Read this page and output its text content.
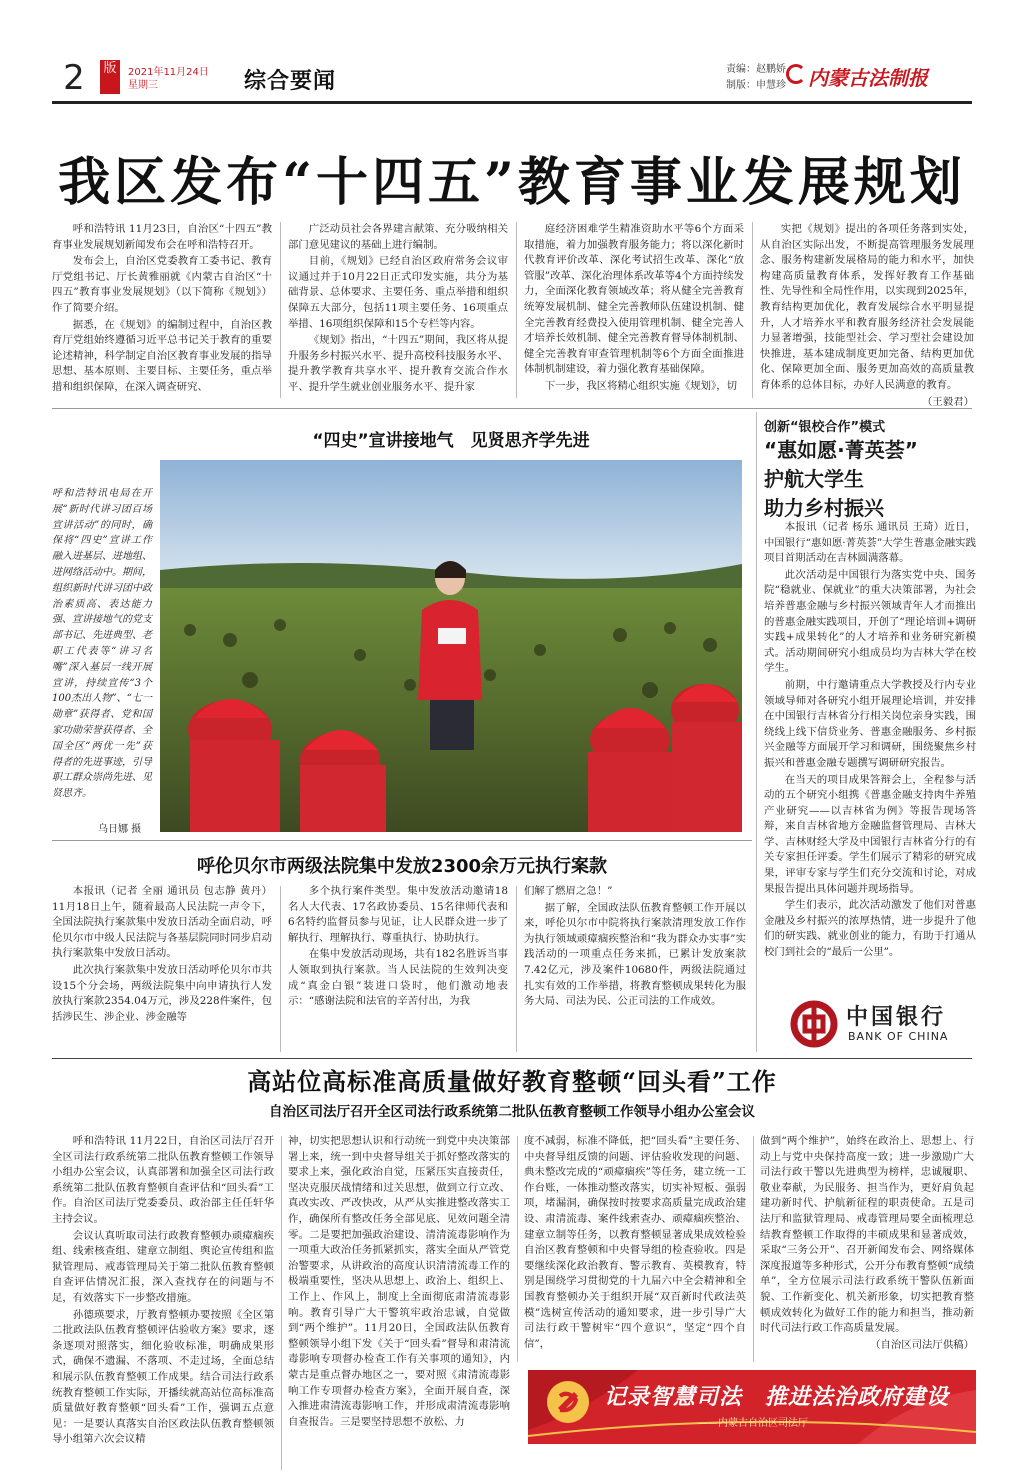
2	版	2021年11月24日
星期三	综合要闻	责编：赵鹏娇
制版：申慧珍 内蒙古法制报
我区发布“十四五”教育事业发展规划

呼和浩特讯 11月23日，自治区“十四五”教育事业发展规划新闻发布会在呼和浩特召开。

发布会上，自治区党委教育工委书记、教育厅党组书记、厅长黄雅丽就《内蒙古自治区“十四五”教育事业发展规划》（以下简称《规划》）作了简要介绍。

据悉，在《规划》的编制过程中，自治区教育厅党组始终遵循习近平总书记关于教育的重要论述精神，科学制定自治区教育事业发展的指导思想、基本原则、主要目标、主要任务，重点举措和组织保障，在深入调查研究、

广泛动员社会各界建言献策、充分吸纳相关部门意见建议的基础上进行编制。

目前，《规划》已经自治区政府常务会议审议通过并于10月22日正式印发实施，共分为基础背景、总体要求、主要任务、重点举措和组织保障五大部分，包括11项主要任务、16项重点举措、16项组织保障和15个专栏等内容。

《规划》指出，“十四五”期间，我区将从提升服务乡村振兴水平、提升高校科技服务水平、提升教学教育共享水平、提升教育交流合作水平、提升学生就业创业服务水平、提升家

庭经济困难学生精准资助水平等6个方面采取措施，着力加强教育服务能力；将以深化新时代教育评价改革、深化考试招生改革、深化“放管服”改革、深化治理体系改革等4个方面持续发力，全面深化教育领域改革；将从健全完善教育统筹发展机制、健全完善教师队伍建设机制、健全完善教育经费投入使用管理机制、健全完善人才培养长效机制、健全完善教育督导体制机制、健全完善教育审查管理机制等6个方面全面推进体制机制建设，着力强化教育基础保障。

下一步，我区将精心组织实施《规划》，切

实把《规划》提出的各项任务落到实处，从自治区实际出发，不断提高管理服务发展理念、服务构建新发展格局的能力和水平，加快构建高质量教育体系，发挥好教育工作基础性、先导性和全局性作用，以实现到2025年，教育结构更加优化，教育发展综合水平明显提升，人才培养水平和教育服务经济社会发展能力显著增强，技能型社会、学习型社会建设加快推进，基本建成制度更加完备、结构更加优化、保障更加全面、服务更加高效的高质量教育体系的总体目标，办好人民满意的教育。

（王毅君）

“四史”宣讲接地气　见贤思齐学先进
呼和浩特讯电局在开展“新时代讲习团百场宣讲活动”的同时，确保将“四史”宣讲工作融入进基层、进地组、进网络活动中。期间，组织新时代讲习团中政治素质高、表达能力强、宣讲接地气的党支部书记、先进典型、老职工代表等“讲习名嘴”深入基层一线开展宣讲，持续宣传“3个100杰出人物”、“七一勋章”获得者、党和国家功勋荣誉获得者、全国全区“两优一先”获得者的先进事迹，引导职工群众崇尚先进、见贤思齐。
乌日娜 摄
呼伦贝尔市两级法院集中发放2300余万元执行案款

本报讯（记者 全丽 通讯员 包志静 黄丹）11月18日上午，随着最高人民法院一声令下，全国法院执行案款集中发放日活动全面启动，呼伦贝尔市中级人民法院与各基层院同时同步启动执行案款集中发放日活动。

此次执行案款集中发放日活动呼伦贝尔市共设15个分会场，两级法院集中向申请执行人发放执行案款2354.04万元，涉及228件案件，包括涉民生、涉企业、涉金融等

多个执行案件类型。集中发放活动邀请18名人大代表、17名政协委员、15名律师代表和6名特约监督员参与见证，让人民群众进一步了解执行、理解执行、尊重执行、协助执行。

在集中发放活动现场，共有182名胜诉当事人领取到执行案款。当人民法院的生效判决变成“真金白银”装进口袋时，他们激动地表示：“感谢法院和法官的辛苦付出，为我

们解了燃眉之急！”

据了解，全国政法队伍教育整顿工作开展以来，呼伦贝尔市中院将执行案款清理发放工作作为执行领域顽瘴痼疾整治和“我为群众办实事”实践活动的一项重点任务来抓，已累计发放案款7.42亿元，涉及案件10680件，两级法院通过扎实有效的工作举措，将教育整顿成果转化为服务大局、司法为民、公正司法的工作成效。

创新“银校合作”模式
“惠如愿·菁英荟”
护航大学生
助力乡村振兴

本报讯（记者 杨乐 通讯员 王琦）近日，中国银行“惠如愿·菁英荟”大学生普惠金融实践项目首期活动在吉林圆满落幕。

此次活动是中国银行为落实党中央、国务院“稳就业、保就业”的重大决策部署，为社会培养普惠金融与乡村振兴领域青年人才而推出的普惠金融实践项目，开创了“理论培训+调研实践+成果转化”的人才培养和业务研究新模式。活动期间研究小组成员均为吉林大学在校学生。

前期，中行邀请重点大学教授及行内专业领域导师对各研究小组开展理论培训，并安排在中国银行吉林省分行相关岗位亲身实践，围绕线上线下信贷业务、普惠金融服务、乡村振兴金融等方面展开学习和调研，围绕聚焦乡村振兴和普惠金融专题撰写调研研究报告。

在当天的项目成果答辩会上，全程参与活动的五个研究小组携《普惠金融支持肉牛养殖产业研究——以吉林省为例》等报告现场答辩，来自吉林省地方金融监督管理局、吉林大学、吉林财经大学及中国银行吉林省分行的有关专家担任评委。学生们展示了精彩的研究成果，评审专家与学生们充分交流和讨论，对成果报告提出具体问题并现场指导。

学生们表示，此次活动激发了他们对普惠金融及乡村振兴的浓厚热情，进一步提升了他们的研实践、就业创业的能力，有助于打通从校门到社会的“最后一公里”。

中国银行
BANK OF CHINA
高站位高标准高质量做好教育整顿“回头看”工作
自治区司法厅召开全区司法行政系统第二批队伍教育整顿工作领导小组办公室会议

呼和浩特讯 11月22日，自治区司法厅召开全区司法行政系统第二批队伍教育整顿工作领导小组办公室会议，认真部署和加强全区司法行政系统第二批队伍教育整顿自查评估和“回头看”工作。自治区司法厅党委委员、政治部主任任轩华主持会议。

会议认真听取司法行政教育整顿办顽瘴痼疾组、线索核查组、建章立制组、舆论宣传组和监狱管理局、戒毒管理局关于第二批队伍教育整顿自查评估情况汇报，深入查找存在的问题与不足，有效落实下一步整改措施。

孙德瑛要求，厅教育整顿办要按照《全区第二批政法队伍教育整顿评估验收方案》要求，逐条逐项对照落实，细化验收标准，明确成果形式，确保不遗漏、不落项、不走过场，全面总结和展示队伍教育整顿工作成果。结合司法行政系统教育整顿工作实际，开播续就高站位高标准高质量做好教育整顿“回头看”工作，强调五点意见：一是要认真落实自治区政法队伍教育整顿领导小组第六次会议精

神，切实把思想认识和行动统一到党中央决策部署上来，统一到中央督导组关于抓好整改落实的要求上来，强化政治自觉，压紧压实直接责任，坚决克服厌战情绪和过关思想，做到立行立改、真改实改、严改快改，从严从实推进整改落实工作，确保所有整改任务全部见底、见效问题全清零。二是要把加强政治建设、清清流毒影响作为一项重大政治任务抓紧抓实，落实全面从严管党治警要求，从讲政治的高度认识清清流毒工作的极端重要性，坚决从思想上、政治上、组织上、工作上、作风上，制度上全面彻底肃清流毒影响。教育引导广大干警筑牢政治忠诚，自觉做到“两个维护”。11月20日，全国政法队伍教育整顿领导小组下发《关于“回头看”督导和肃清流毒影响专项督办检查工作有关事项的通知》，内蒙古是重点督办地区之一，要对照《肃清流毒影响工作专项督办检查方案》，全面开展自查，深入推进肃清流毒影响工作，并形成肃清流毒影响自查报告。三是要坚持思想不放松、力

度不减弱，标准不降低，把“回头看”主要任务、中央督导组反馈的问题、评估验收发现的问题、典未整改完成的“顽瘴痼疾”等任务，建立统一工作台账，一体推动整改落实，切实补短板、强弱项，堵漏洞，确保按时按要求高质量完成政治建设、肃清流毒、案件线索查办、顽瘴痼疾整治、建章立制等任务，以教育整顿显著成果成效检验自治区教育整顿和中央督导组的检查验收。四是要继续深化政治教育、警示教育、英模教育，特别是围绕学习贯彻党的十九届六中全会精神和全国教育整顿办关于组织开展“双百新时代政法英模”选树宣传活动的通知要求，进一步引导广大司法行政干警树牢“四个意识”，坚定“四个自信”，

做到“两个维护”，始终在政治上、思想上、行动上与党中央保持高度一致；进一步激励广大司法行政干警以先进典型为榜样，忠诚履职、敬业奉献，为民服务、担当作为，更好肩负起建功新时代、护航新征程的职责使命。五是司法厅和监狱管理局、戒毒管理局要全面梳理总结教育整顿工作取得的丰硕成果和显著成效，采取“三务公开”、召开新闻发布会、网络媒体深度报道等多种形式，公开分布教育整顿“成绩单”，全方位展示司法行政系统干警队伍新面貌、工作新变化、机关新形象，切实把教育整顿成效转化为做好工作的能力和担当，推动新时代司法行政工作高质量发展。

（自治区司法厅供稿）

记录智慧司法　推进法治政府建设
——内蒙古自治区司法厅
